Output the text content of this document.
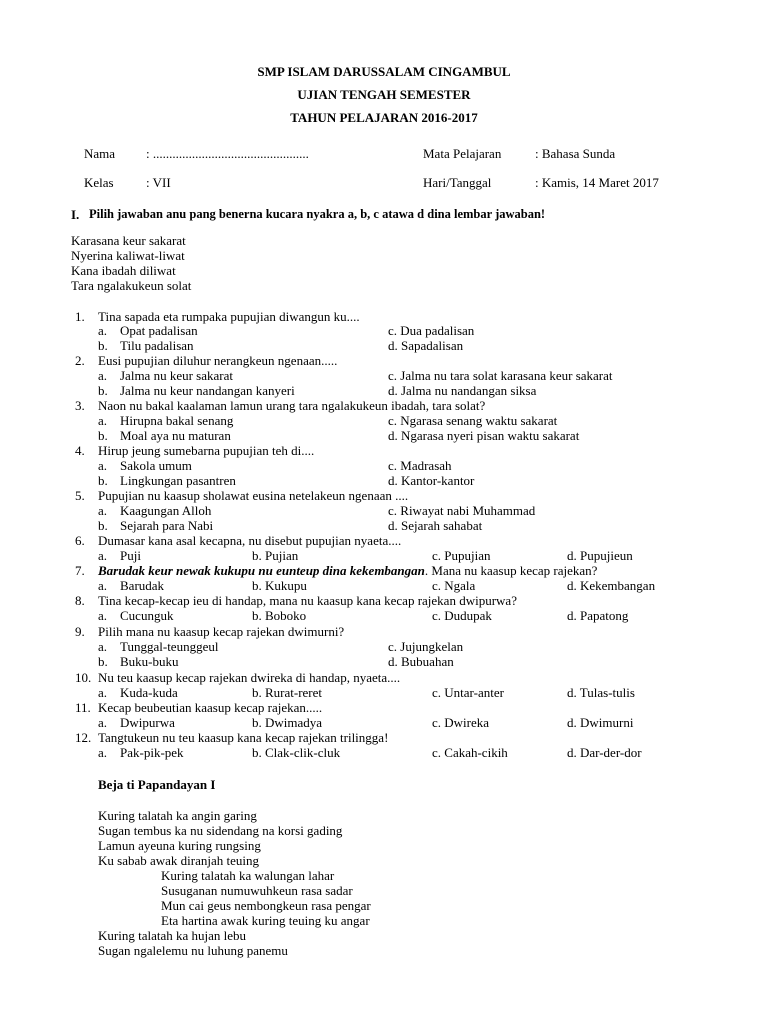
SMP ISLAM DARUSSALAM CINGAMBUL
UJIAN TENGAH SEMESTER
TAHUN PELAJARAN 2016-2017
Nama : ................................................	Mata Pelajaran	: Bahasa Sunda
Kelas : VII	Hari/Tanggal	: Kamis, 14 Maret 2017
I. Pilih jawaban anu pang benerna kucara nyakra a, b, c atawa d dina lembar jawaban!
Karasana keur sakarat
Nyerina kaliwat-liwat
Kana ibadah diliwat
Tara ngalakukeun solat
1. Tina sapada eta rumpaka pupujian diwangun ku....
a. Opat padalisan	c. Dua padalisan
b. Tilu padalisan	d. Sapadalisan
2. Eusi pupujian diluhur nerangkeun ngenaan.....
a. Jalma nu keur sakarat	c. Jalma nu tara solat karasana keur sakarat
b. Jalma nu keur nandangan kanyeri	d. Jalma nu nandangan siksa
3. Naon nu bakal kaalaman lamun urang tara ngalakukeun ibadah, tara solat?
a. Hirupna bakal senang	c. Ngarasa senang waktu sakarat
b. Moal aya nu maturan	d. Ngarasa nyeri pisan waktu sakarat
4. Hirup jeung sumebarna pupujian teh di....
a. Sakola umum	c. Madrasah
b. Lingkungan pasantren	d. Kantor-kantor
5. Pupujian nu kaasup sholawat eusina netelakeun ngenaan ....
a. Kaagungan Alloh	c. Riwayat nabi Muhammad
b. Sejarah para Nabi	d. Sejarah sahabat
6. Dumasar kana asal kecapna, nu disebut pupujian nyaeta....
a. Puji	b. Pujian	c. Pupujian	d. Pupujieun
7. Barudak keur newak kukupu nu eunteup dina kekembangan. Mana nu kaasup kecap rajekan?
a. Barudak	b. Kukupu	c. Ngala	d. Kekembangan
8. Tina kecap-kecap ieu di handap, mana nu kaasup kana kecap rajekan dwipurwa?
a. Cucunguk	b. Boboko	c. Dudupak	d. Papatong
9. Pilih mana nu kaasup kecap rajekan dwimurni?
a. Tunggal-teunggeul	c. Jujungkelan
b. Buku-buku	d. Bubuahan
10. Nu teu kaasup kecap rajekan dwireka di handap, nyaeta....
a. Kuda-kuda	b. Rurat-reret	c. Untar-anter	d. Tulas-tulis
11. Kecap beubeutian kaasup kecap rajekan.....
a. Dwipurwa	b. Dwimadya	c. Dwireka	d. Dwimurni
12. Tangtukeun nu teu kaasup kana kecap rajekan trilingga!
a. Pak-pik-pek	b. Clak-clik-cluk	c. Cakah-cikih	d. Dar-der-dor
Beja ti Papandayan I
Kuring talatah ka angin garing
Sugan tembus ka nu sidendang na korsi gading
Lamun ayeuna kuring rungsing
Ku sabab awak diranjah teuing
Kuring talatah ka walungan lahar
Susuganan numuwuhkeun rasa sadar
Mun cai geus nembongkeun rasa pengar
Eta hartina awak kuring teuing ku angar
Kuring talatah ka hujan lebu
Sugan ngalelemu nu luhung panemu
